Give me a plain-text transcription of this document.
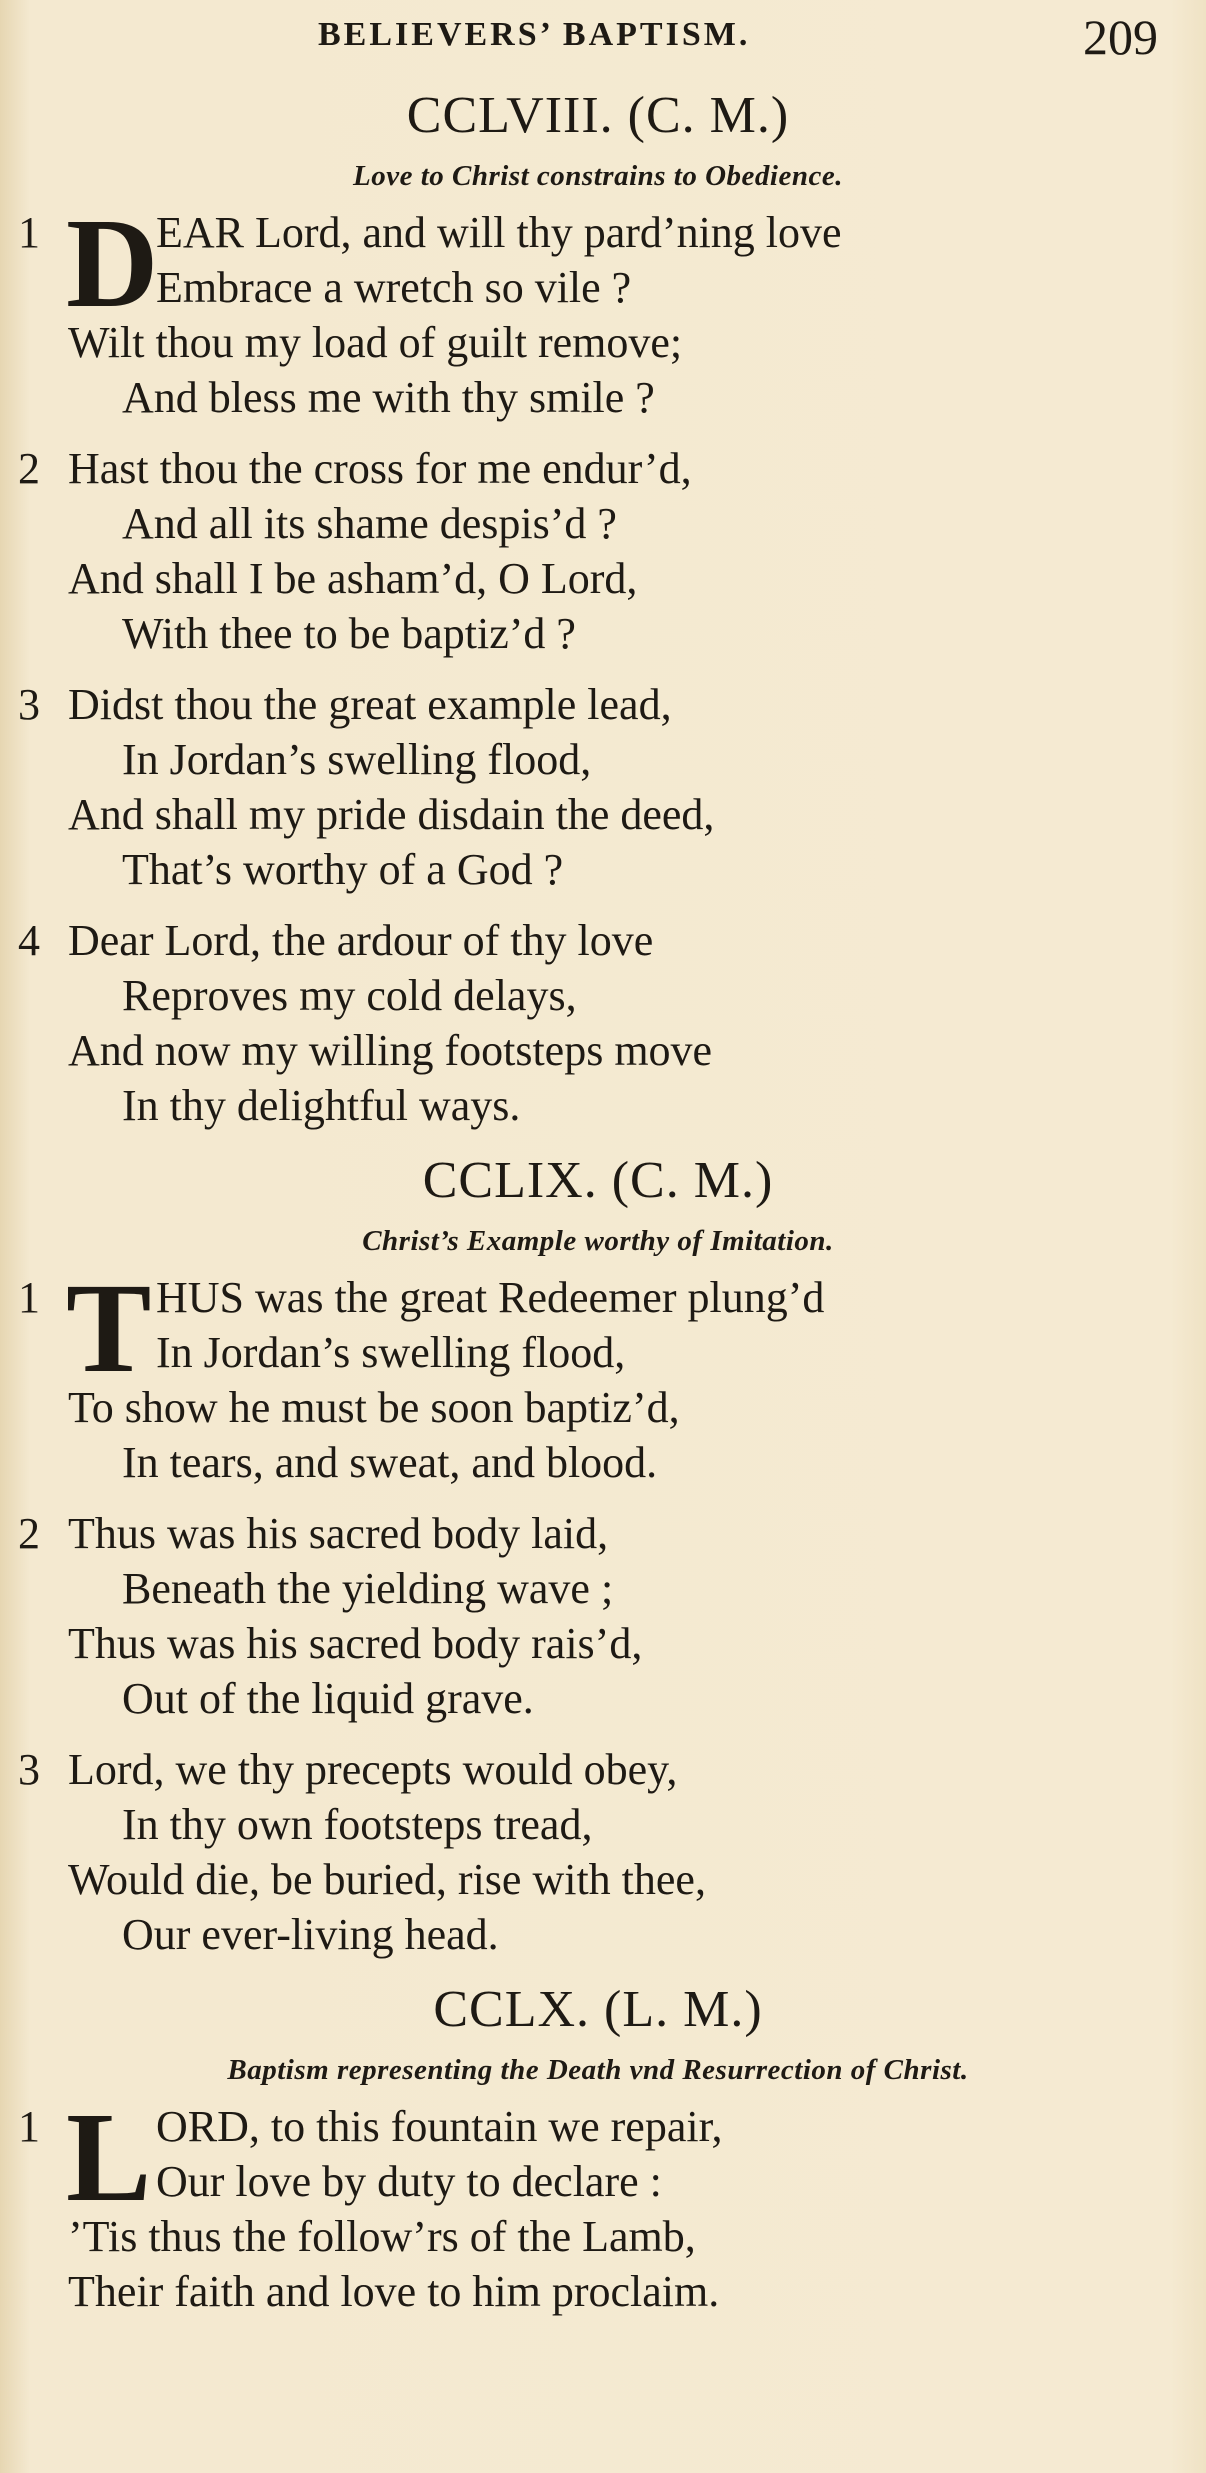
BELIEVERS’ BAPTISM.	209
CCLVIII. (C. M.)
Love to Christ constrains to Obedience.
1 D
EAR Lord, and will thy pard’ning love
Embrace a wretch so vile ?
Wilt thou my load of guilt remove;
And bless me with thy smile ?
2 Hast thou the cross for me endur’d,
And all its shame despis’d ?
And shall I be asham’d, O Lord,
With thee to be baptiz’d ?
3 Didst thou the great example lead,
In Jordan’s swelling flood,
And shall my pride disdain the deed,
That’s worthy of a God ?
4 Dear Lord, the ardour of thy love
Reproves my cold delays,
And now my willing footsteps move
In thy delightful ways.
CCLIX. (C. M.)
Christ’s Example worthy of Imitation.
1 T HUS was the great Redeemer plung’d
In Jordan’s swelling flood,
To show he must be soon baptiz’d,
In tears, and sweat, and blood.
2 Thus was his sacred body laid,
Beneath the yielding wave ;
Thus was his sacred body rais’d,
Out of the liquid grave.
3 Lord, we thy precepts would obey,
In thy own footsteps tread,
Would die, be buried, rise with thee,
Our ever-living head.
CCLX. (L. M.)
Baptism representing the Death vnd Resurrection of Christ.
1 L ORD, to this fountain we repair,
Our love by duty to declare :
’Tis thus the follow’rs of the Lamb,
Their faith and love to him proclaim.
